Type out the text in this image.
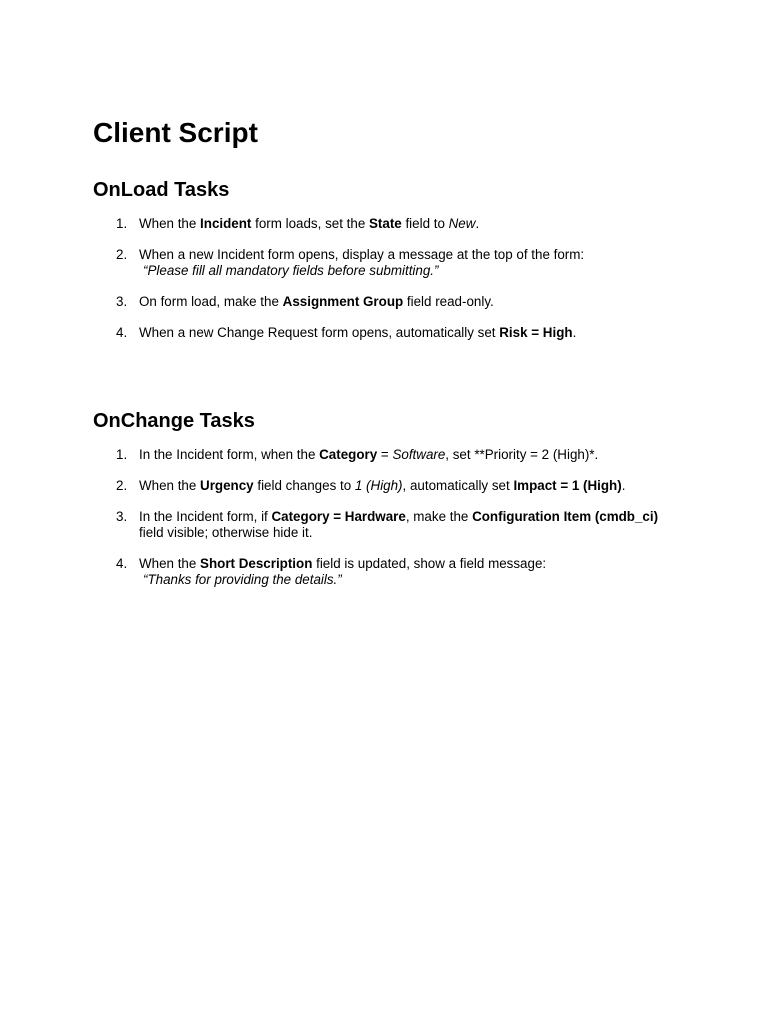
Client Script
OnLoad Tasks
1. When the Incident form loads, set the State field to New.
2. When a new Incident form opens, display a message at the top of the form:
“Please fill all mandatory fields before submitting.”
3. On form load, make the Assignment Group field read-only.
4. When a new Change Request form opens, automatically set Risk = High.
OnChange Tasks
1. In the Incident form, when the Category = Software, set **Priority = 2 (High)*.
2. When the Urgency field changes to 1 (High), automatically set Impact = 1 (High).
3. In the Incident form, if Category = Hardware, make the Configuration Item (cmdb_ci) field visible; otherwise hide it.
4. When the Short Description field is updated, show a field message:
“Thanks for providing the details.”
